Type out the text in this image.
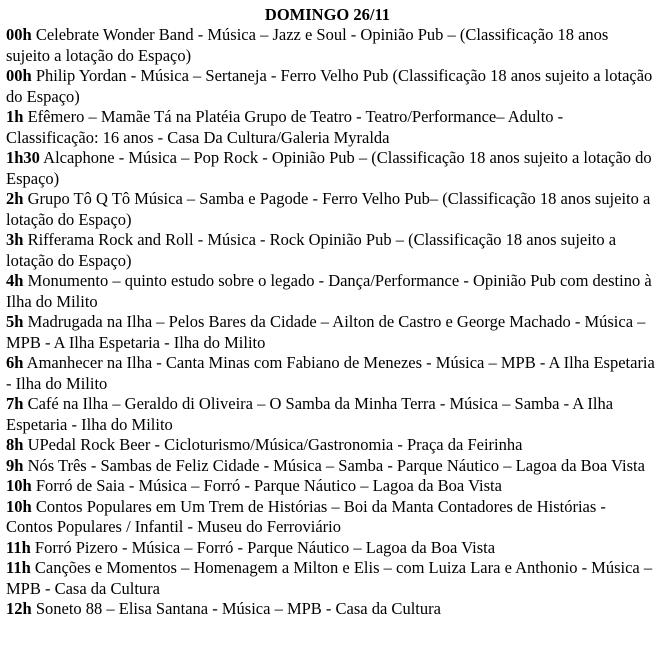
DOMINGO 26/11

00h Celebrate Wonder Band - Música – Jazz e Soul - Opinião Pub – (Classificação 18 anos sujeito a lotação do Espaço)

00h Philip Yordan - Música – Sertaneja - Ferro Velho Pub (Classificação 18 anos sujeito a lotação do Espaço)

1h Efêmero – Mamãe Tá na Platéia Grupo de Teatro - Teatro/Performance– Adulto - Classificação: 16 anos - Casa Da Cultura/Galeria Myralda

1h30 Alcaphone - Música – Pop Rock - Opinião Pub – (Classificação 18 anos sujeito a lotação do Espaço)

2h Grupo Tô Q Tô Música – Samba e Pagode - Ferro Velho Pub– (Classificação 18 anos sujeito a lotação do Espaço)

3h Rifferama Rock and Roll - Música - Rock Opinião Pub – (Classificação 18 anos sujeito a lotação do Espaço)

4h Monumento – quinto estudo sobre o legado - Dança/Performance - Opinião Pub com destino à Ilha do Milito

5h Madrugada na Ilha – Pelos Bares da Cidade – Ailton de Castro e George Machado - Música – MPB - A Ilha Espetaria - Ilha do Milito

6h Amanhecer na Ilha - Canta Minas com Fabiano de Menezes - Música – MPB - A Ilha Espetaria - Ilha do Milito

7h Café na Ilha – Geraldo di Oliveira – O Samba da Minha Terra - Música – Samba - A Ilha Espetaria - Ilha do Milito

8h UPedal Rock Beer - Cicloturismo/Música/Gastronomia - Praça da Feirinha

9h Nós Três - Sambas de Feliz Cidade - Música – Samba - Parque Náutico – Lagoa da Boa Vista

10h Forró de Saia - Música – Forró - Parque Náutico – Lagoa da Boa Vista

10h Contos Populares em Um Trem de Histórias – Boi da Manta Contadores de Histórias - Contos Populares / Infantil - Museu do Ferroviário

11h Forró Pizero - Música – Forró - Parque Náutico – Lagoa da Boa Vista

11h Canções e Momentos – Homenagem a Milton e Elis – com Luiza Lara e Anthonio - Música – MPB - Casa da Cultura

12h Soneto 88 – Elisa Santana - Música – MPB - Casa da Cultura
